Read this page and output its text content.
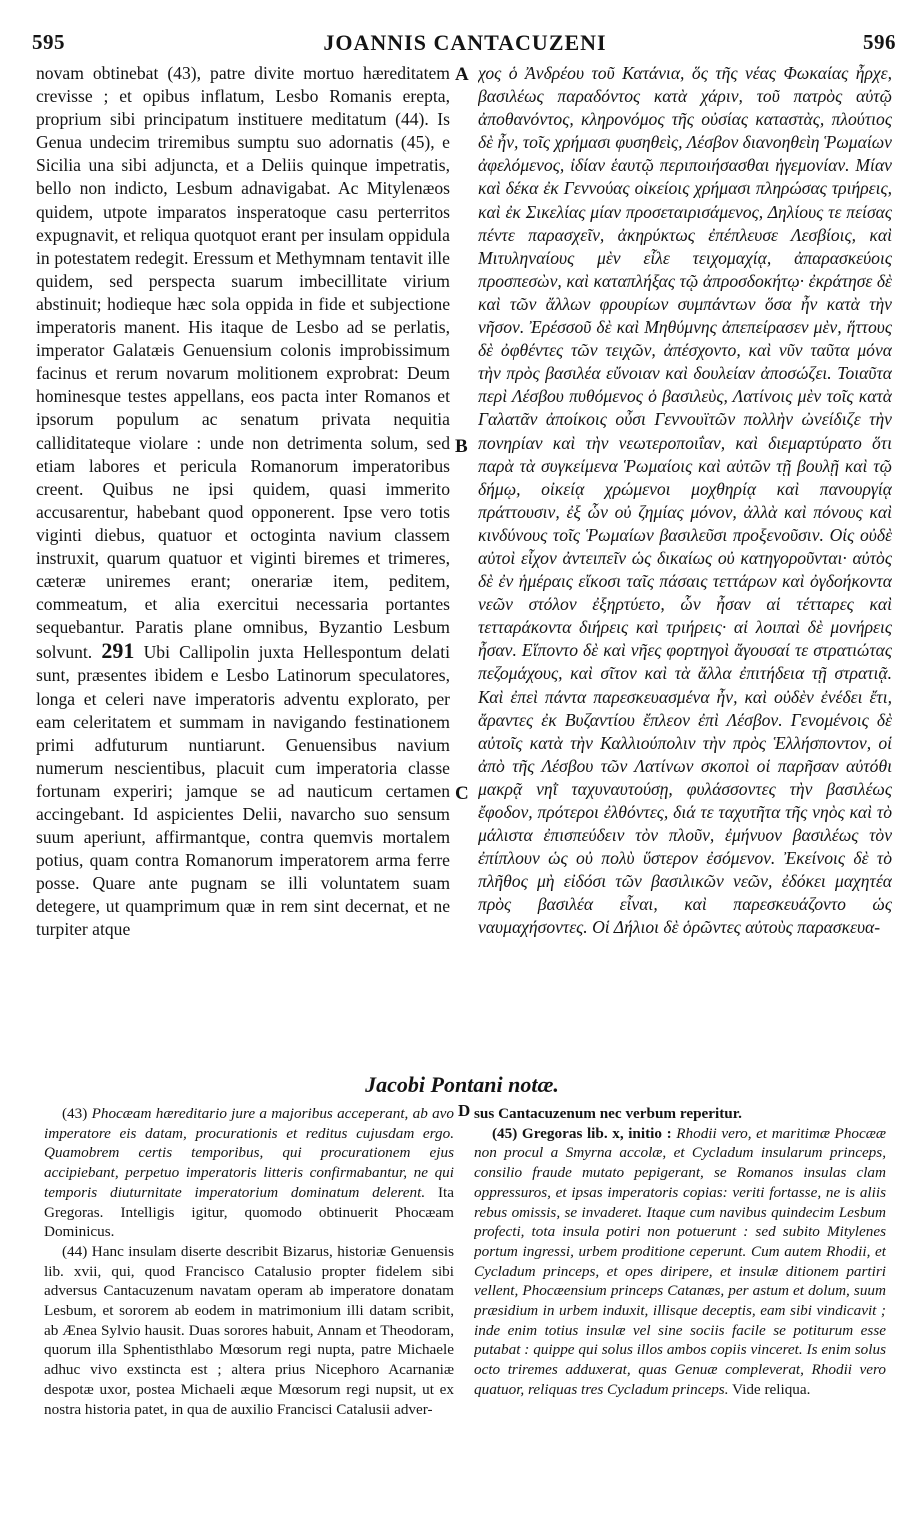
595	JOANNIS CANTACUZENI	596

novam obtinebat (43), patre divite mortuo hæreditatem crevisse ; et opibus inflatum, Lesbo Romanis erepta, proprium sibi principatum instituere meditatum (44). Is Genua undecim triremibus sumptu suo adornatis (45), e Sicilia una sibi adjuncta, et a Deliis quinque impetratis, bello non indicto, Lesbum adnavigabat. Ac Mitylenæos quidem, utpote imparatos insperatoque casu perterritos expugnavit, et reliqua quotquot erant per insulam oppidula in potestatem redegit. Eressum et Methymnam tentavit ille quidem, sed perspecta suarum imbecillitate virium abstinuit; hodieque hæc sola oppida in fide et subjectione imperatoris manent. His itaque de Lesbo ad se perlatis, imperator Galatæis Genuensium colonis improbissimum facinus et rerum novarum molitionem exprobrat: Deum hominesque testes appellans, eos pacta inter Romanos et ipsorum populum ac senatum privata nequitia calliditateque violare : unde non detrimenta solum, sed etiam labores et pericula Romanorum imperatoribus creent. Quibus ne ipsi quidem, quasi immerito accusarentur, habebant quod opponerent. Ipse vero totis viginti diebus, quatuor et octoginta navium classem instruxit, quarum quatuor et viginti biremes et trimeres, cæteræ uniremes erant; onerariæ item, peditem, commeatum, et alia exercitui necessaria portantes sequebantur. Paratis plane omnibus, Byzantio Lesbum solvunt. 291 Ubi Callipolin juxta Hellespontum delati sunt, præsentes ibidem e Lesbo Latinorum speculatores, longa et celeri nave imperatoris adventu explorato, per eam celeritatem et summam in navigando festinationem primi adfuturum nuntiarunt. Genuensibus navium numerum nescientibus, placuit cum imperatoria classe fortunam experiri; jamque se ad nauticum certamen accingebant. Id aspicientes Delii, navarcho suo sensum suum aperiunt, affirmantque, contra quemvis mortalem potius, quam contra Romanorum imperatorem arma ferre posse. Quare ante pugnam se illi voluntatem suam detegere, ut quamprimum quæ in rem sint decernat, et ne turpiter atque

A
B
C

χος ὁ Ἀνδρέου τοῦ Κατάνια, ὅς τῆς νέας Φωκαίας ἦρχε, βασιλέως παραδόντος κατὰ χάριν, τοῦ πατρὸς αὐτῷ ἀποθανόντος, κληρονόμος τῆς οὐσίας καταστὰς, πλούτιος δὲ ἦν, τοῖς χρήμασι φυσηθεὶς, Λέσβον διανοηθεὶη Ῥωμαίων ἀφελόμενος, ἰδίαν ἑαυτῷ περιποιήσασθαι ἡγεμονίαν. Μίαν καὶ δέκα ἐκ Γεννούας οἰκείοις χρήμασι πληρώσας τριήρεις, καὶ ἐκ Σικελίας μίαν προσεταιρισάμενος, Δηλίους τε πείσας πέντε παρασχεῖν, ἀκηρύκτως ἐπέπλευσε Λεσβίοις, καὶ Μιτυληναίους μὲν εἷλε τειχομαχίᾳ, ἀπαρασκεύοις προσπεσὼν, καὶ καταπλήξας τῷ ἀπροσδοκήτῳ· ἐκράτησε δὲ καὶ τῶν ἄλλων φρουρίων συμπάντων ὅσα ἦν κατὰ τὴν νῆσον. Ἐρέσσοῦ δὲ καὶ Μηθύμνης ἀπεπείρασεν μὲν, ἥττους δὲ ὀφθέντες τῶν τειχῶν, ἀπέσχοντο, καὶ νῦν ταῦτα μόνα τὴν πρὸς βασιλέα εὔνοιαν καὶ δουλείαν ἀποσώζει. Τοιαῦτα περὶ Λέσβου πυθόμενος ὁ βασιλεὺς, Λατίνοις μὲν τοῖς κατὰ Γαλατᾶν ἀποίκοις οὖσι Γεννουϊτῶν πολλὴν ὠνείδιζε τὴν πονηρίαν καὶ τὴν νεωτεροποιΐαν, καὶ διεμαρτύρατο ὅτι παρὰ τὰ συγκείμενα Ῥωμαίοις καὶ αὐτῶν τῇ βουλῇ καὶ τῷ δήμῳ, οἰκείᾳ χρώμενοι μοχθηρίᾳ καὶ πανουργίᾳ πράττουσιν, ἐξ ὧν οὐ ζημίας μόνον, ἀλλὰ καὶ πόνους καὶ κινδύνους τοῖς Ῥωμαίων βασιλεῦσι προξενοῦσιν. Οἱς οὐδὲ αὐτοὶ εἶχον ἀντειπεῖν ὡς δικαίως οὐ κατηγοροῦνται· αὐτὸς δὲ ἐν ἡμέραις εἴκοσι ταῖς πάσαις τεττάρων καὶ ὀγδοήκοντα νεῶν στόλον ἐξηρτύετο, ὧν ἦσαν αἱ τέτταρες καὶ τετταράκοντα διήρεις καὶ τριήρεις· αἱ λοιπαὶ δὲ μονήρεις ἦσαν. Εἵποντο δὲ καὶ νῆες φορτηγοὶ ἄγουσαί τε στρατιώτας πεζομάχους, καὶ σῖτον καὶ τὰ ἄλλα ἐπιτήδεια τῇ στρατιᾷ. Καὶ ἐπεὶ πάντα παρεσκευασμένα ἦν, καὶ οὐδὲν ἐνέδει ἔτι, ἄραντες ἐκ Βυζαντίου ἔπλεον ἐπὶ Λέσβον. Γενομένοις δὲ αὐτοῖς κατὰ τὴν Καλλιούπολιν τὴν πρὸς Ἑλλήσποντον, οἱ ἀπὸ τῆς Λέσβου τῶν Λατίνων σκοποὶ οἱ παρῆσαν αὐτόθι μακρᾷ νηῒ ταχυναυτούσῃ, φυλάσσοντες τὴν βασιλέως ἔφοδον, πρότεροι ἐλθόντες, διά τε ταχυτῆτα τῆς νηὸς καὶ τὸ μάλιστα ἐπισπεύδειν τὸν πλοῦν, ἐμήνυον βασιλέως τὸν ἐπίπλουν ὡς οὐ πολὺ ὕστερον ἐσόμενον. Ἐκείνοις δὲ τὸ πλῆθος μὴ εἰδόσι τῶν βασιλικῶν νεῶν, ἐδόκει μαχητέα πρὸς βασιλέα εἶναι, καὶ παρεσκευάζοντο ὡς ναυμαχήσοντες. Οἱ Δήλιοι δὲ ὁρῶντες αὐτοὺς παρασκευα-

Jacobi Pontani notæ.

(43) Phocæam hæreditario jure a majoribus acceperant, ab avo imperatore eis datam, procurationis et reditus cujusdam ergo. Quamobrem certis temporibus, qui procurationem ejus accipiebant, perpetuo imperatoris litteris confirmabantur, ne qui temporis diuturnitate imperatorium dominatum delerent. Ita Gregoras. Intelligis igitur, quomodo obtinuerit Phocæam Dominicus.

(44) Hanc insulam diserte describit Bizarus, historiæ Genuensis lib. xvii, qui, quod Francisco Catalusio propter fidelem sibi adversus Cantacuzenum navatam operam ab imperatore donatam Lesbum, et sororem ab eodem in matrimonium illi datam scribit, ab Æneа Sylvio hausit. Duas sorores habuit, Annam et Theodoram, quorum illa Sphentisthlabo Mœsorum regi nupta, patre Michaele adhuc vivo exstincta est ; altera prius Nicephoro Acarnaniæ despotæ uxor, postea Michaeli æque Mœsorum regi nupsit, ut ex nostra historia patet, in qua de auxilio Francisci Catalusii adver-

D sus Cantacuzenum nec verbum reperitur.

(45) Gregoras lib. x, initio : Rhodii vero, et maritimæ Phocææ non procul a Smyrna accolæ, et Cycladum insularum princeps, consilio fraude mutato pepigerant, se Romanos insulas clam oppressuros, et ipsas imperatoris copias: veriti fortasse, ne is aliis rebus omissis, se invaderet. Itaque cum navibus quindecim Lesbum profecti, tota insula potiri non potuerunt : sed subito Mitylenes portum ingressi, urbem proditione ceperunt. Cum autem Rhodii, et Cycladum princeps, et opes diripere, et insulæ ditionem partiri vellent, Phocæensium princeps Catanæs, per astum et dolum, suum præsidium in urbem induxit, illisque deceptis, eam sibi vindicavit ; inde enim totius insulæ vel sine sociis facile se potiturum esse putabat : quippe qui solus illos ambos copiis vinceret. Is enim solus octo triremes adduxerat, quas Genuæ compleverat, Rhodii vero quatuor, reliquas tres Cycladum princeps. Vide reliqua.
